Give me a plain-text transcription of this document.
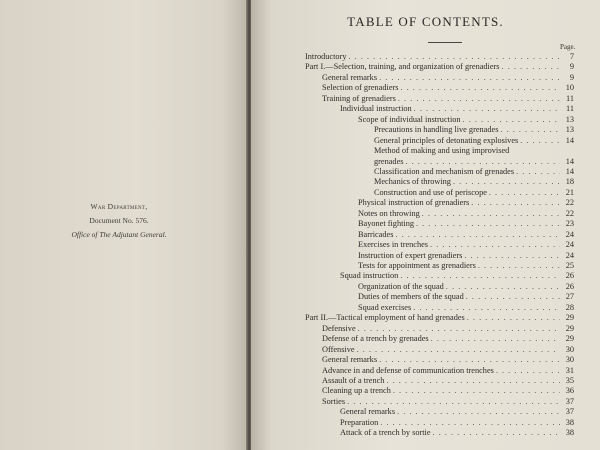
War Department,
Document No. 576.
Office of The Adjutant General.
TABLE OF CONTENTS.
Page.
Introductory . . .	7
Part I.—Selection, training, and organization of grenadiers . . .	9
General remarks . . .	9
Selection of grenadiers . . .	10
Training of grenadiers . . .	11
Individual instruction . . .	11
Scope of individual instruction . . .	13
Precautions in handling live grenades . . .	13
General principles of detonating explosives . . .	14
Method of making and using improvised
grenades . . .	14
Classification and mechanism of grenades . . .	14
Mechanics of throwing . . .	18
Construction and use of periscope . . .	21
Physical instruction of grenadiers . . .	22
Notes on throwing . . .	22
Bayonet fighting . . .	23
Barricades . . .	24
Exercises in trenches . . .	24
Instruction of expert grenadiers . . .	24
Tests for appointment as grenadiers . . .	25
Squad instruction . . .	26
Organization of the squad . . .	26
Duties of members of the squad . . .	27
Squad exercises . . .	28
Part II.—Tactical employment of hand grenades . . .	29
Defensive . . .	29
Defense of a trench by grenades . . .	29
Offensive . . .	30
General remarks . . .	30
Advance in and defense of communication trenches . . .	31
Assault of a trench . . .	35
Cleaning up a trench . . .	36
Sorties . . .	37
General remarks . . .	37
Preparation . . .	38
Attack of a trench by sortie . . .	38
